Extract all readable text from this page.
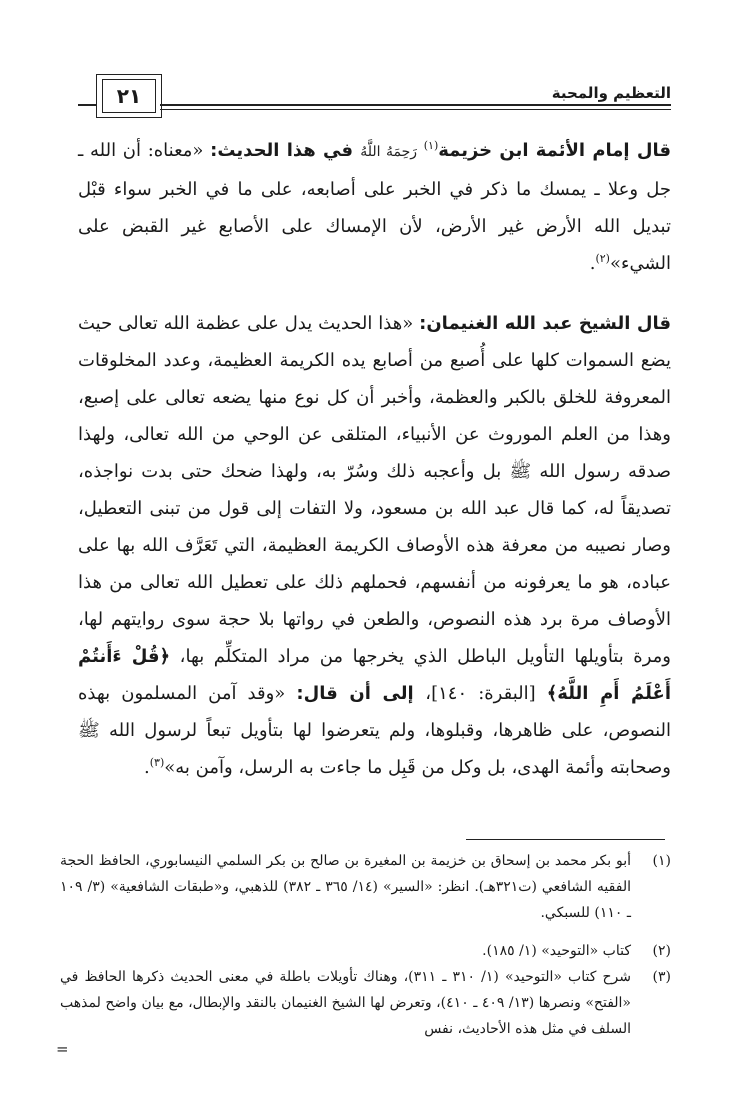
التعظيم والمحبة
٢١

قال إمام الأئمة ابن خزيمة$^{(١)}$ رَحِمَهُ اللَّهُ في هذا الحديث: «معناه: أن الله ـ جل وعلا ـ يمسك ما ذكر في الخبر على أصابعه، على ما في الخبر سواء قبْل تبديل الله الأرض غير الأرض، لأن الإمساك على الأصابع غير القبض على الشيء»$^{(٢)}$.

قال الشيخ عبد الله الغنيمان: «هذا الحديث يدل على عظمة الله تعالى حيث يضع السموات كلها على أُصبع من أصابع يده الكريمة العظيمة، وعدد المخلوقات المعروفة للخلق بالكبر والعظمة، وأخبر أن كل نوع منها يضعه تعالى على إصبع، وهذا من العلم الموروث عن الأنبياء، المتلقى عن الوحي من الله تعالى، ولهذا صدقه رسول الله ﷺ بل وأعجبه ذلك وسُرّ به، ولهذا ضحك حتى بدت نواجذه، تصديقاً له، كما قال عبد الله بن مسعود، ولا التفات إلى قول من تبنى التعطيل، وصار نصيبه من معرفة هذه الأوصاف الكريمة العظيمة، التي تَعَرَّف الله بها على عباده، هو ما يعرفونه من أنفسهم، فحملهم ذلك على تعطيل الله تعالى من هذا الأوصاف مرة برد هذه النصوص، والطعن في رواتها بلا حجة سوى روايتهم لها، ومرة بتأويلها التأويل الباطل الذي يخرجها من مراد المتكلِّم بها، ﴿قُلْ ءَأَنتُمْ أَعْلَمُ أَمِ اللَّهُ﴾ [البقرة: ١٤٠]، إلى أن قال: «وقد آمن المسلمون بهذه النصوص، على ظاهرها، وقبلوها، ولم يتعرضوا لها بتأويل تبعاً لرسول الله ﷺ وصحابته وأئمة الهدى، بل وكل من قَبِل ما جاءت به الرسل، وآمن به»$^{(٣)}$.

(١)
أبو بكر محمد بن إسحاق بن خزيمة بن المغيرة بن صالح بن بكر السلمي النيسابوري، الحافظ الحجة الفقيه الشافعي (ت٣٢١هـ). انظر: «السير» (١٤/ ٣٦٥ ـ ٣٨٢) للذهبي، و«طبقات الشافعية» (٣/ ١٠٩ ـ ١١٠) للسبكي.
(٢)
كتاب «التوحيد» (١/ ١٨٥).
(٣)
شرح كتاب «التوحيد» (١/ ٣١٠ ـ ٣١١)، وهناك تأويلات باطلة في معنى الحديث ذكرها الحافظ في «الفتح» ونصرها (١٣/ ٤٠٩ ـ ٤١٠)، وتعرض لها الشيخ الغنيمان بالنقد والإبطال، مع بيان واضح لمذهب السلف في مثل هذه الأحاديث، نفس
=
